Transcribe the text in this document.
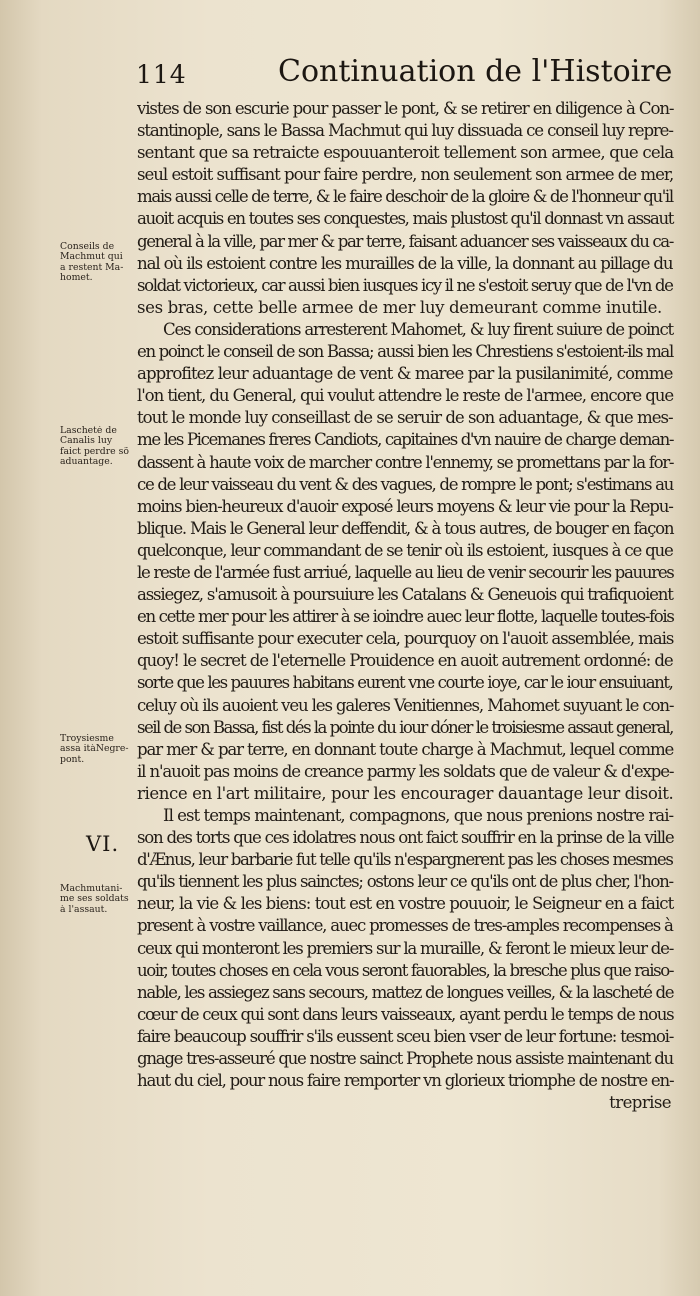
114	Continuation de l'Histoire
Conseils de
Machmut qui
a restent Ma-
homet.
Lascheté de
Canalis luy
faict perdre sõ
aduantage.
Troysiesme
assa itàNegre-
pont.
Machmutani-
me ses soldats
à l'assaut.
VI.
vistes de son escurie pour passer le pont, & se retirer en diligence à Con-
stantinople, sans le Bassa Machmut qui luy dissuada ce conseil luy repre-
sentant que sa retraicte espouuanteroit tellement son armee, que cela
seul estoit suffisant pour faire perdre, non seulement son armee de mer,
mais aussi celle de terre, & le faire deschoir de la gloire & de l'honneur qu'il
auoit acquis en toutes ses conquestes, mais plustost qu'il donnast vn assaut
general à la ville, par mer & par terre, faisant aduancer ses vaisseaux du ca-
nal où ils estoient contre les murailles de la ville, la donnant au pillage du
soldat victorieux, car aussi bien iusques icy il ne s'estoit seruy que de l'vn de
ses bras, cette belle armee de mer luy demeurant comme inutile.
Ces considerations arresterent Mahomet, & luy firent suiure de poinct
en poinct le conseil de son Bassa; aussi bien les Chrestiens s'estoient-ils mal
approfitez leur aduantage de vent & maree par la pusilanimité, comme
l'on tient, du General, qui voulut attendre le reste de l'armee, encore que
tout le monde luy conseillast de se seruir de son aduantage, & que mes-
me les Picemanes freres Candiots, capitaines d'vn nauire de charge deman-
dassent à haute voix de marcher contre l'ennemy, se promettans par la for-
ce de leur vaisseau du vent & des vagues, de rompre le pont; s'estimans au
moins bien-heureux d'auoir exposé leurs moyens & leur vie pour la Repu-
blique. Mais le General leur deffendit, & à tous autres, de bouger en façon
quelconque, leur commandant de se tenir où ils estoient, iusques à ce que
le reste de l'armée fust arriué, laquelle au lieu de venir secourir les pauures
assiegez, s'amusoit à poursuiure les Catalans & Geneuois qui trafiquoient
en cette mer pour les attirer à se ioindre auec leur flotte, laquelle toutes-fois
estoit suffisante pour executer cela, pourquoy on l'auoit assemblée, mais
quoy! le secret de l'eternelle Prouidence en auoit autrement ordonné: de
sorte que les pauures habitans eurent vne courte ioye, car le iour ensuiuant,
celuy où ils auoient veu les galeres Venitiennes, Mahomet suyuant le con-
seil de son Bassa, fist dés la pointe du iour dóner le troisiesme assaut general,
par mer & par terre, en donnant toute charge à Machmut, lequel comme
il n'auoit pas moins de creance parmy les soldats que de valeur & d'expe-
rience en l'art militaire, pour les encourager dauantage leur disoit.
Il est temps maintenant, compagnons, que nous prenions nostre rai-
son des torts que ces idolatres nous ont faict souffrir en la prinse de la ville
d'Ænus, leur barbarie fut telle qu'ils n'espargnerent pas les choses mesmes
qu'ils tiennent les plus sainctes; ostons leur ce qu'ils ont de plus cher, l'hon-
neur, la vie & les biens: tout est en vostre pouuoir, le Seigneur en a faict
present à vostre vaillance, auec promesses de tres-amples recompenses à
ceux qui monteront les premiers sur la muraille, & feront le mieux leur de-
uoir, toutes choses en cela vous seront fauorables, la bresche plus que raiso-
nable, les assiegez sans secours, mattez de longues veilles, & la lascheté de
cœur de ceux qui sont dans leurs vaisseaux, ayant perdu le temps de nous
faire beaucoup souffrir s'ils eussent sceu bien vser de leur fortune: tesmoi-
gnage tres-asseuré que nostre sainct Prophete nous assiste maintenant du
haut du ciel, pour nous faire remporter vn glorieux triomphe de nostre en-
treprise
